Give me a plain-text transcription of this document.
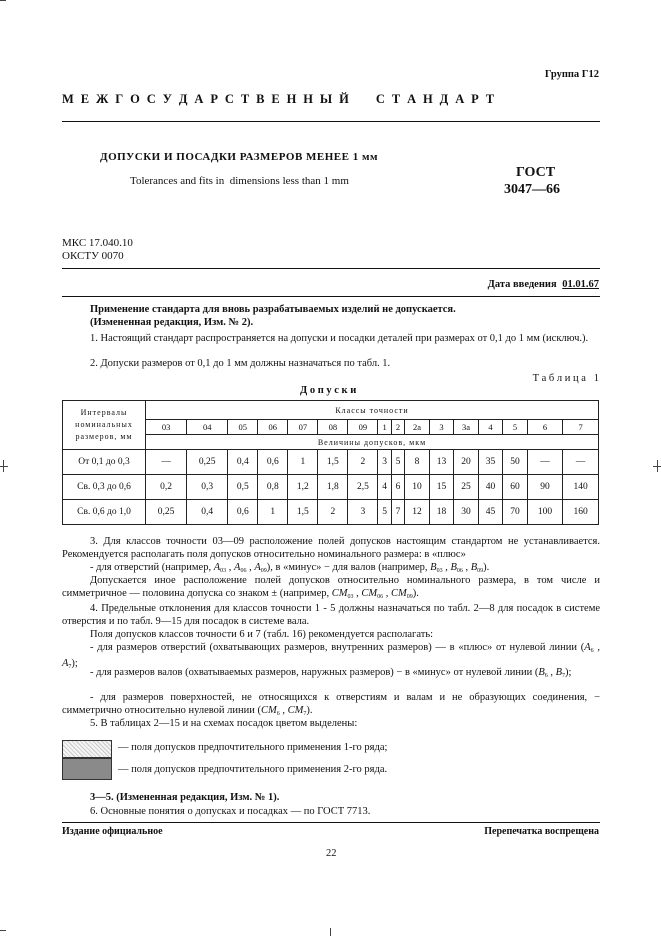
Группа Г12
М Е Ж Г О С У Д А Р С Т В Е Н Н Ы Й     С Т А Н Д А Р Т
ДОПУСКИ И ПОСАДКИ РАЗМЕРОВ МЕНЕЕ 1 мм
Tolerances and fits in  dimensions less than 1 mm
ГОСТ
3047—66
МКС 17.040.10
ОКСТУ 0070
Дата введения 01.01.67
Применение стандарта для вновь разрабатываемых изделий не допускается.
(Измененная редакция, Изм. № 2).
1. Настоящий стандарт распространяется на допуски и посадки деталей при размерах от 0,1 до 1 мм (исключ.).
2. Допуски размеров от 0,1 до 1 мм должны назначаться по табл. 1.
Т а б л и ц а   1
Д о п у с к и
Интервалы номинальных размеров, мм	Классы точности															
	03	04	05	06	07	08	09	1	2	2а	3	3а	4	5	6	7
	Величины допусков, мкм															
От 0,1 до 0,3	—	0,25	0,4	0,6	1	1,5	2	3	5	8	13	20	35	50	—	—
Св. 0,3 до 0,6	0,2	0,3	0,5	0,8	1,2	1,8	2,5	4	6	10	15	25	40	60	90	140
Св. 0,6 до 1,0	0,25	0,4	0,6	1	1,5	2	3	5	7	12	18	30	45	70	100	160
3. Для классов точности 03—09 расположение полей допусков настоящим стандартом не устанавливается. Рекомендуется располагать поля допусков относительно номинального размера: в «плюс»
- для отверстий (например, $A_{03}$ , $A_{06}$ , $A_{09}$), в «минус» − для валов (например, $B_{03}$ , $B_{06}$ , $B_{09}$).
Допускается иное расположение полей допусков относительно номинального размера, в том числе и симметричное — половина допуска со знаком ± (например, $CM_{03}$ , $CM_{06}$ , $CM_{09}$).
4. Предельные отклонения для классов точности 1 - 5 должны назначаться по табл. 2—8 для посадок в системе отверстия и по табл. 9—15 для посадок в системе вала.
Поля допусков классов точности 6 и 7 (табл. 16) рекомендуется располагать:
- для размеров отверстий (охватывающих размеров, внутренних размеров) — в «плюс» от нулевой линии ($A_6$ , $A_7$);
- для размеров валов (охватываемых размеров, наружных размеров) − в «минус» от нулевой линии ($B_6$ , $B_7$);
- для размеров поверхностей, не относящихся к отверстиям и валам и не образующих соединения, − симметрично относительно нулевой линии ($CM_6$ , $CM_7$).
5. В таблицах 2—15 и на схемах посадок цветом выделены:
— поля допусков предпочтительного применения 1-го ряда;
— поля допусков предпочтительного применения 2-го ряда.
3—5. (Измененная редакция, Изм. № 1).
6. Основные понятия о допусках и посадках — по ГОСТ 7713.
Издание официальное	Перепечатка воспрещена
22
